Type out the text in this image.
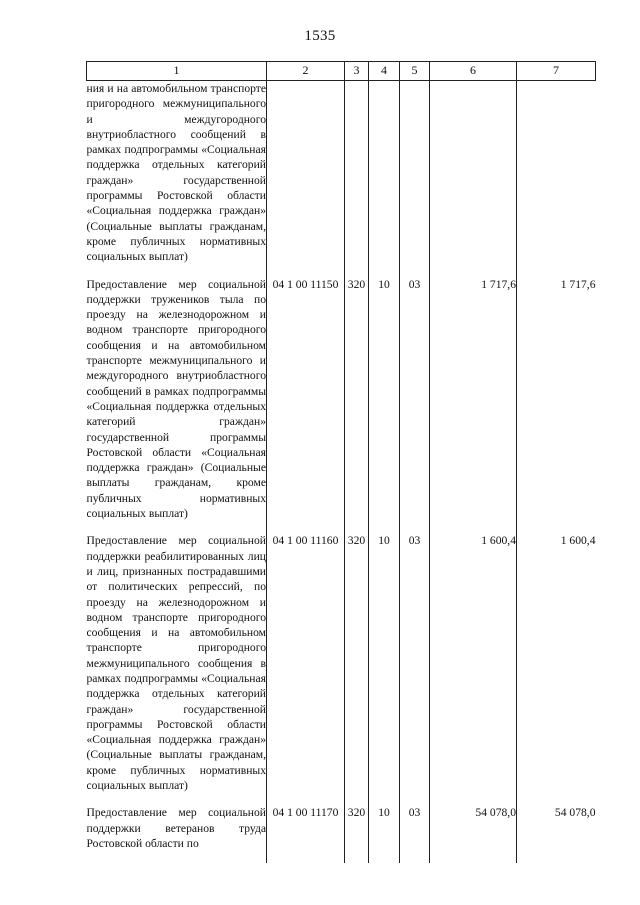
1535
1	2	3	4	5	6	7
ния и на автомобильном транспорте пригородного межмуниципального и междугородного внутриобластного сообщений в рамках подпрограммы «Социальная поддержка отдельных категорий граждан» государственной программы Ростовской области «Социальная поддержка граждан» (Социальные выплаты гражданам, кроме публичных нормативных социальных выплат)						
Предоставление мер социальной поддержки тружеников тыла по проезду на железнодорожном и водном транспорте пригородного сообщения и на автомобильном транспорте межмуниципального и междугородного внутриобластного сообщений в рамках подпрограммы «Социальная поддержка отдельных категорий граждан» государственной программы Ростовской области «Социальная поддержка граждан» (Социальные выплаты гражданам, кроме публичных нормативных социальных выплат)	04 1 00 11150	320	10	03	1 717,6	1 717,6
Предоставление мер социальной поддержки реабилитированных лиц и лиц, признанных пострадавшими от политических репрессий, по проезду на железнодорожном и водном транспорте пригородного сообщения и на автомобильном транспорте пригородного межмуниципального сообщения в рамках подпрограммы «Социальная поддержка отдельных категорий граждан» государственной программы Ростовской области «Социальная поддержка граждан» (Социальные выплаты гражданам, кроме публичных нормативных социальных выплат)	04 1 00 11160	320	10	03	1 600,4	1 600,4
Предоставление мер социальной поддержки ветеранов труда Ростовской области по	04 1 00 11170	320	10	03	54 078,0	54 078,0
